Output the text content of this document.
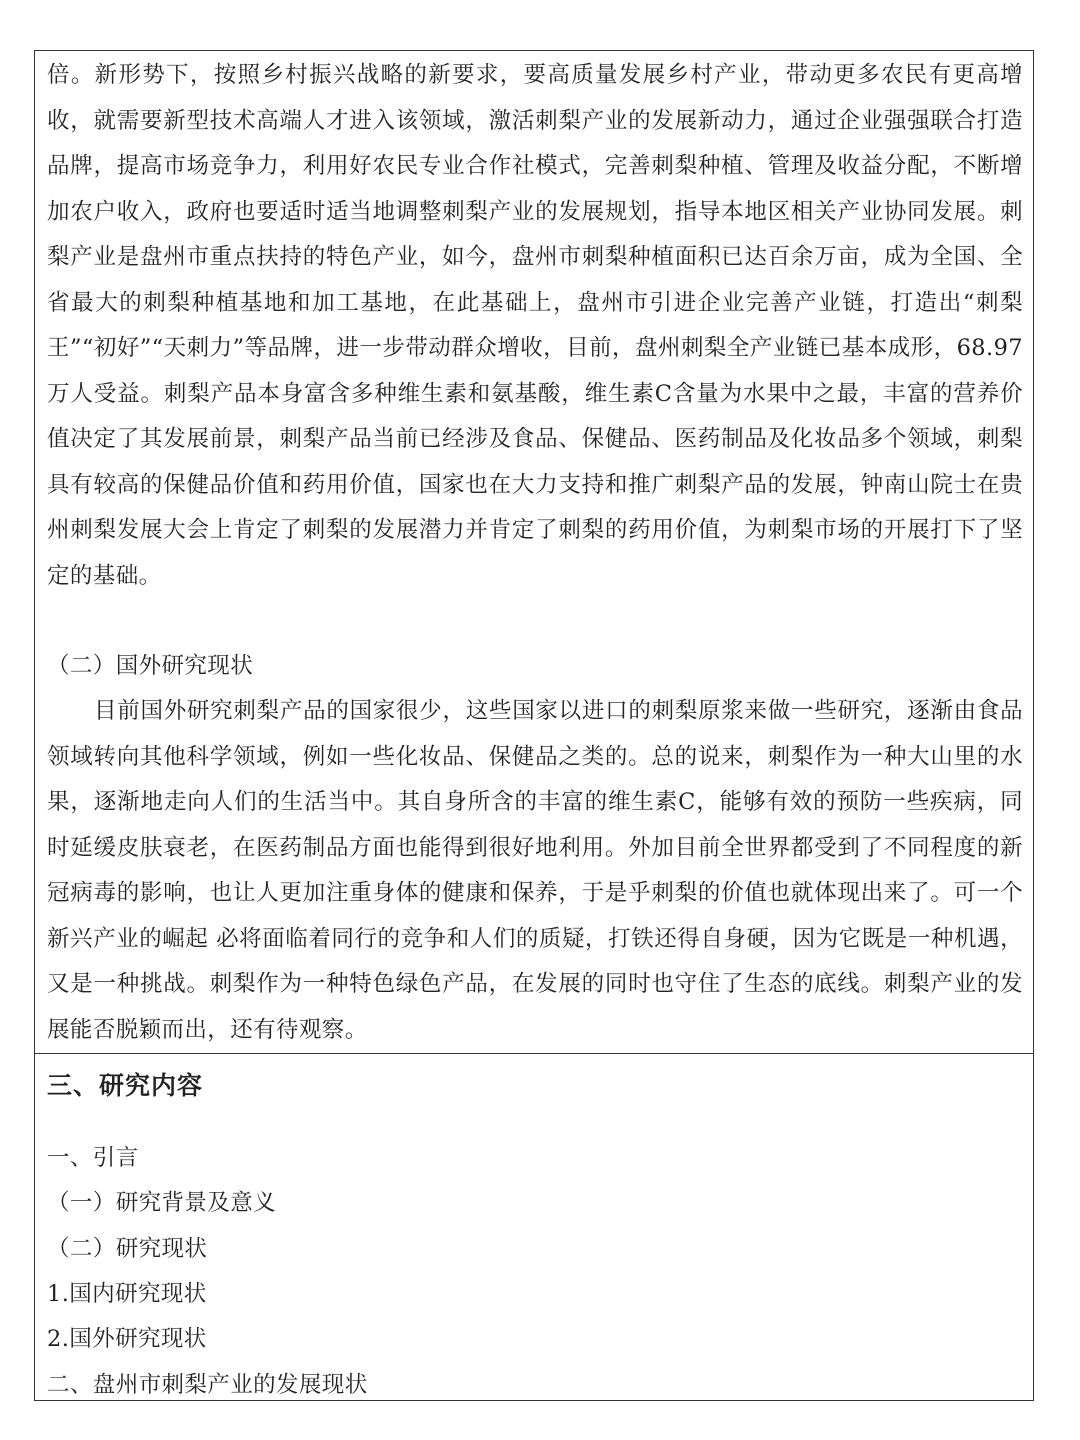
倍。新形势下，按照乡村振兴战略的新要求，要高质量发展乡村产业，带动更多农民有更高增收，就需要新型技术高端人才进入该领域，激活刺梨产业的发展新动力，通过企业强强联合打造品牌，提高市场竞争力，利用好农民专业合作社模式，完善刺梨种植、管理及收益分配，不断增加农户收入，政府也要适时适当地调整刺梨产业的发展规划，指导本地区相关产业协同发展。刺梨产业是盘州市重点扶持的特色产业，如今，盘州市刺梨种植面积已达百余万亩，成为全国、全省最大的刺梨种植基地和加工基地，在此基础上，盘州市引进企业完善产业链，打造出“刺梨王”“初好”“天刺力”等品牌，进一步带动群众增收，目前，盘州刺梨全产业链已基本成形，68.97万人受益。刺梨产品本身富含多种维生素和氨基酸，维生素C含量为水果中之最，丰富的营养价值决定了其发展前景，刺梨产品当前已经涉及食品、保健品、医药制品及化妆品多个领域，刺梨具有较高的保健品价值和药用价值，国家也在大力支持和推广刺梨产品的发展，钟南山院士在贵州刺梨发展大会上肯定了刺梨的发展潜力并肯定了刺梨的药用价值，为刺梨市场的开展打下了坚定的基础。

（二）国外研究现状

目前国外研究刺梨产品的国家很少，这些国家以进口的刺梨原浆来做一些研究，逐渐由食品领域转向其他科学领域，例如一些化妆品、保健品之类的。总的说来，刺梨作为一种大山里的水果，逐渐地走向人们的生活当中。其自身所含的丰富的维生素C，能够有效的预防一些疾病，同时延缓皮肤衰老，在医药制品方面也能得到很好地利用。外加目前全世界都受到了不同程度的新冠病毒的影响，也让人更加注重身体的健康和保养，于是乎刺梨的价值也就体现出来了。可一个新兴产业的崛起 必将面临着同行的竞争和人们的质疑，打铁还得自身硬，因为它既是一种机遇，又是一种挑战。刺梨作为一种特色绿色产品，在发展的同时也守住了生态的底线。刺梨产业的发展能否脱颖而出，还有待观察。

三、研究内容

一、引言

（一）研究背景及意义

（二）研究现状

1.国内研究现状

2.国外研究现状

二、盘州市刺梨产业的发展现状
